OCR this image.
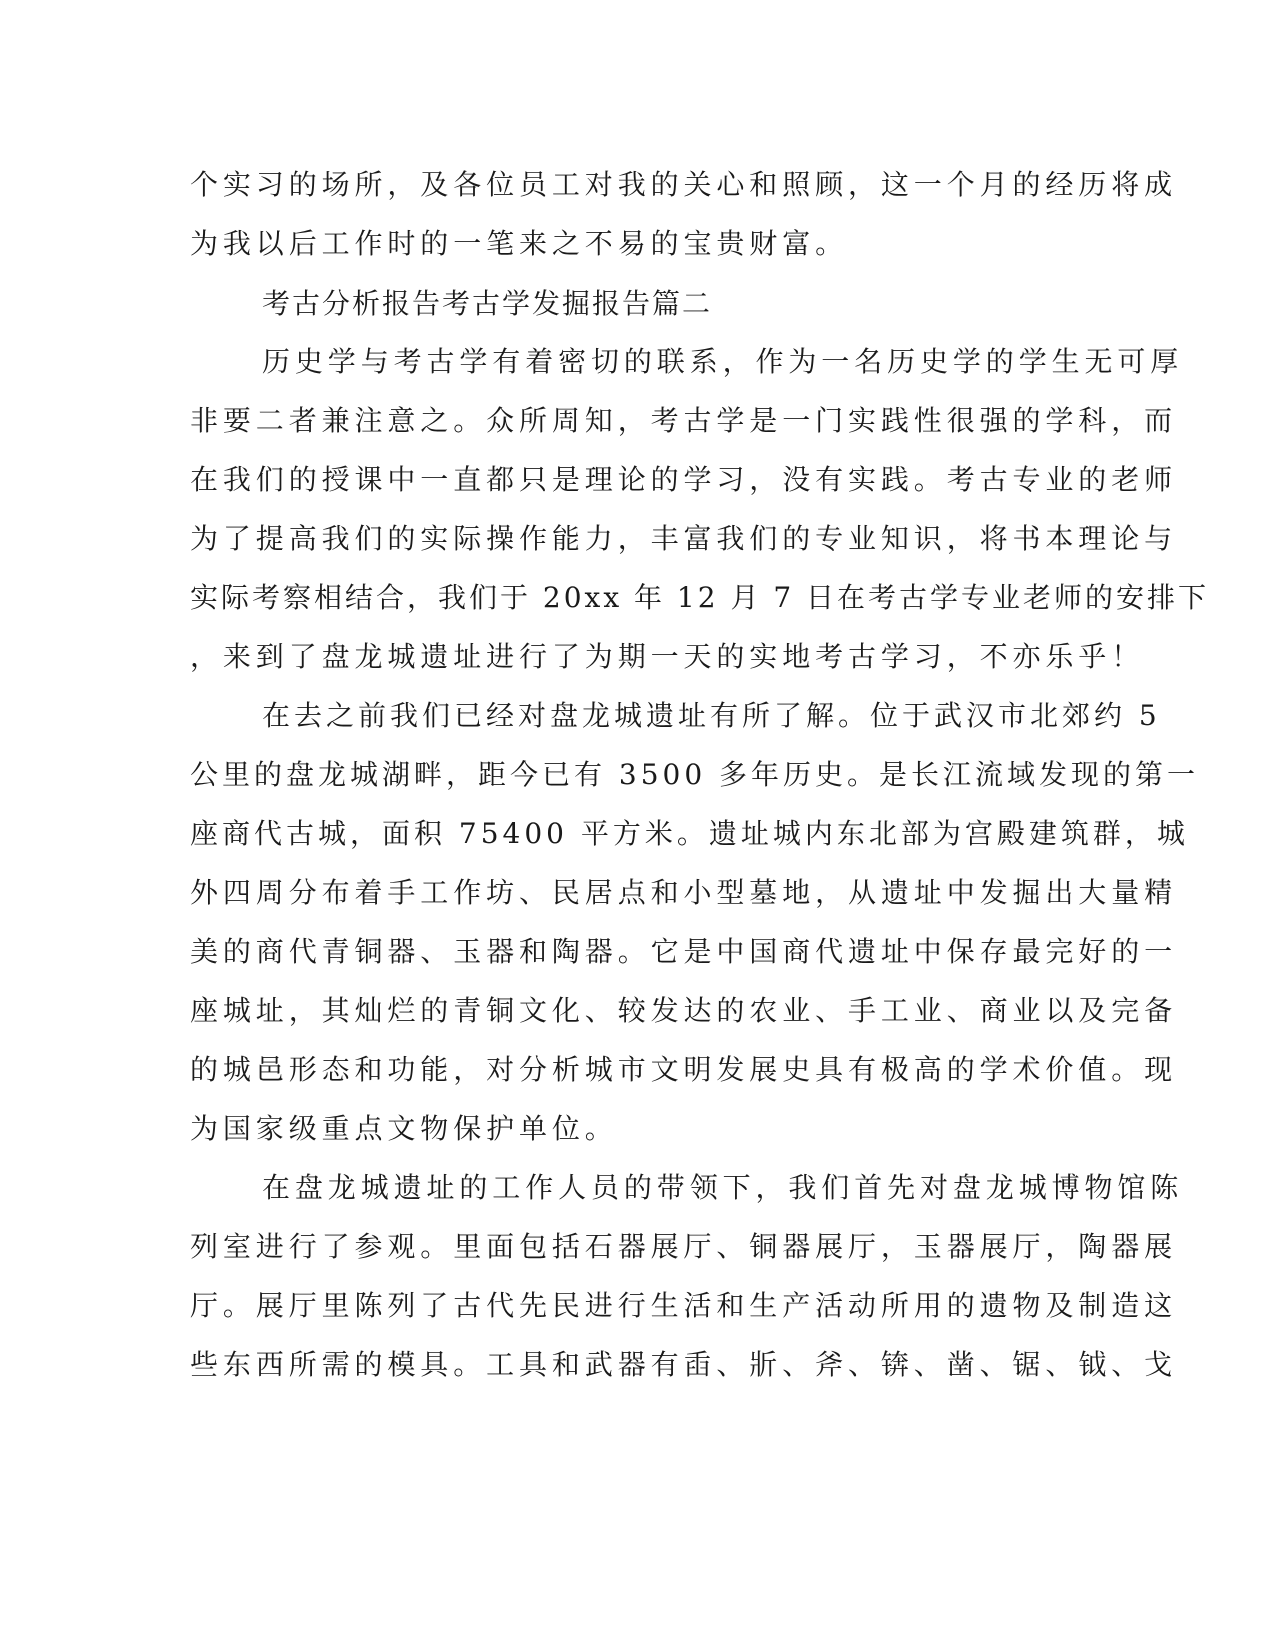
个实习的场所，及各位员工对我的关心和照顾，这一个月的经历将成
为我以后工作时的一笔来之不易的宝贵财富。
考古分析报告考古学发掘报告篇二
历史学与考古学有着密切的联系，作为一名历史学的学生无可厚
非要二者兼注意之。众所周知，考古学是一门实践性很强的学科，而
在我们的授课中一直都只是理论的学习，没有实践。考古专业的老师
为了提高我们的实际操作能力，丰富我们的专业知识，将书本理论与
实际考察相结合，我们于 20xx 年 12 月 7 日在考古学专业老师的安排下
，来到了盘龙城遗址进行了为期一天的实地考古学习，不亦乐乎！
在去之前我们已经对盘龙城遗址有所了解。位于武汉市北郊约 5
公里的盘龙城湖畔，距今已有 3500 多年历史。是长江流域发现的第一
座商代古城，面积 75400 平方米。遗址城内东北部为宫殿建筑群，城
外四周分布着手工作坊、民居点和小型墓地，从遗址中发掘出大量精
美的商代青铜器、玉器和陶器。它是中国商代遗址中保存最完好的一
座城址，其灿烂的青铜文化、较发达的农业、手工业、商业以及完备
的城邑形态和功能，对分析城市文明发展史具有极高的学术价值。现
为国家级重点文物保护单位。
在盘龙城遗址的工作人员的带领下，我们首先对盘龙城博物馆陈
列室进行了参观。里面包括石器展厅、铜器展厅，玉器展厅，陶器展
厅。展厅里陈列了古代先民进行生活和生产活动所用的遗物及制造这
些东西所需的模具。工具和武器有臿、斨、斧、锛、凿、锯、钺、戈
